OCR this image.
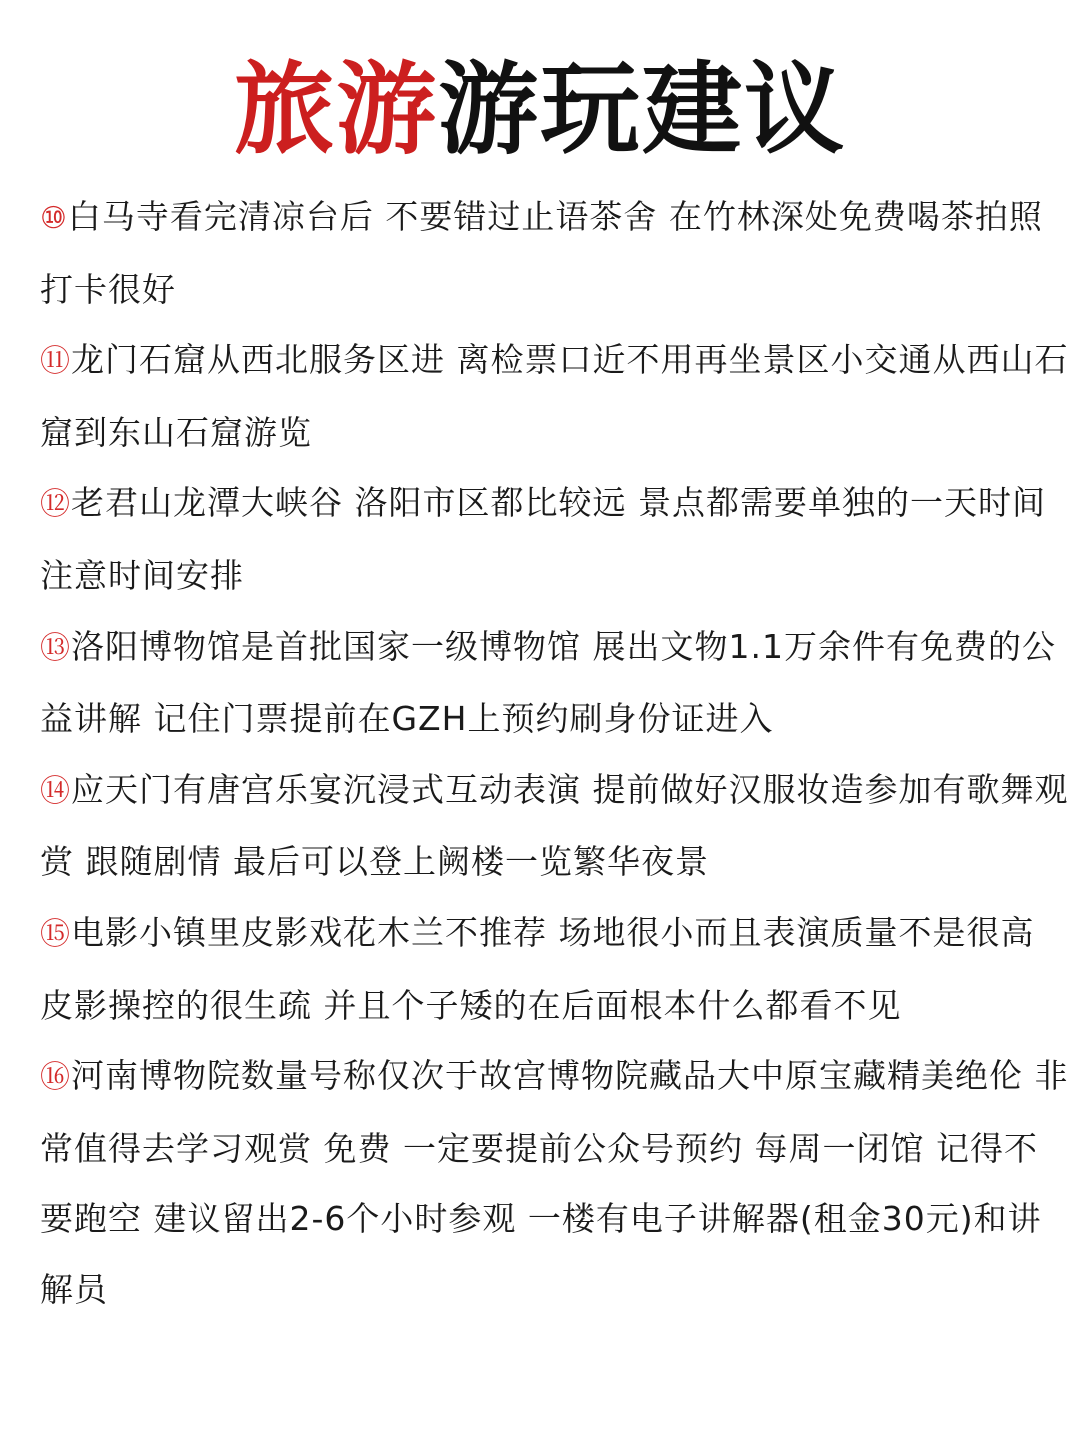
旅游游玩建议

⑩白马寺看完清凉台后 不要错过止语茶舍 在竹林深处免费喝茶拍照打卡很好

⑪龙门石窟从西北服务区进 离检票口近不用再坐景区小交通从西山石窟到东山石窟游览

⑫老君山龙潭大峡谷 洛阳市区都比较远 景点都需要单独的一天时间 注意时间安排

⑬洛阳博物馆是首批国家一级博物馆 展出文物1.1万余件有免费的公益讲解 记住门票提前在GZH上预约刷身份证进入

⑭应天门有唐宫乐宴沉浸式互动表演 提前做好汉服妆造参加有歌舞观赏 跟随剧情 最后可以登上阙楼一览繁华夜景

⑮电影小镇里皮影戏花木兰不推荐 场地很小而且表演质量不是很高 皮影操控的很生疏 并且个子矮的在后面根本什么都看不见

⑯河南博物院数量号称仅次于故宫博物院藏品大中原宝藏精美绝伦 非常值得去学习观赏 免费 一定要提前公众号预约 每周一闭馆 记得不要跑空 建议留出2-6个小时参观 一楼有电子讲解器(租金30元)和讲解员
